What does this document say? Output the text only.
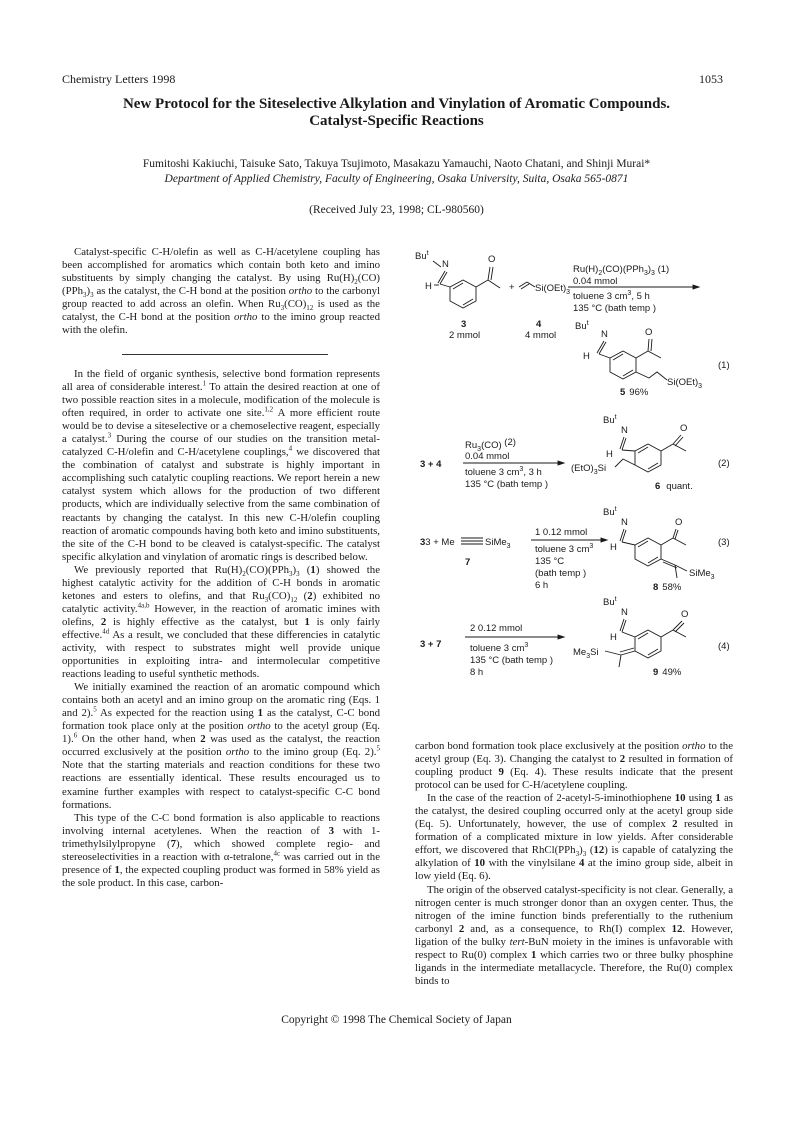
Chemistry Letters 1998	1053
New Protocol for the Siteselective Alkylation and Vinylation of Aromatic Compounds.
Catalyst-Specific Reactions
Fumitoshi Kakiuchi, Taisuke Sato, Takuya Tsujimoto, Masakazu Yamauchi, Naoto Chatani, and Shinji Murai*
Department of Applied Chemistry, Faculty of Engineering, Osaka University, Suita, Osaka 565-0871
(Received July 23, 1998; CL-980560)

Catalyst-specific C-H/olefin as well as C-H/acetylene coupling has been accomplished for aromatics which contain both keto and imino substituents by simply changing the catalyst. By using $Ru(H)_2(CO)(PPh_3)_3$ as the catalyst, the C-H bond at the position ortho to the carbonyl group reacted to add across an olefin. When $Ru_3(CO)_{12}$ is used as the catalyst, the C-H bond at the position ortho to the imino group reacted with the olefin.

In the field of organic synthesis, selective bond formation represents all area of considerable interest.$^1$ To attain the desired reaction at one of two possible reaction sites in a molecule, modification of the molecule is often required, in order to activate one site.$^{1,2}$ A more efficient route would be to devise a siteselective or a chemoselective reagent, especially a catalyst.$^3$ During the course of our studies on the transition metal-catalyzed C-H/olefin and C-H/acetylene couplings,$^4$ we discovered that the combination of catalyst and substrate is highly important in accomplishing such catalytic coupling reactions. We report herein a new catalyst system which allows for the production of two different products, which are individually selective from the same combination of reactants by changing the catalyst. In this new C-H/olefin coupling reaction of aromatic compounds having both keto and imino substituents, the site of the C-H bond to be cleaved is catalyst-specific. The catalyst specific alkylation and vinylation of aromatic rings is described below.

We previously reported that $Ru(H)_2(CO)(PPh_3)_3$ (1) showed the highest catalytic activity for the addition of C-H bonds in aromatic ketones and esters to olefins, and that $Ru_3(CO)_{12}$ (2) exhibited no catalytic activity.$^{4a,b}$ However, in the reaction of aromatic imines with olefins, 2 is highly effective as the catalyst, but 1 is only fairly effective.$^{4d}$ As a result, we concluded that these differencies in catalytic activity, with respect to substrates might well provide unique opportunities in exploiting intra- and intermolecular competitive reactions leading to useful synthetic methods.

We initially examined the reaction of an aromatic compound which contains both an acetyl and an imino group on the aromatic ring (Eqs. 1 and 2).$^5$ As expected for the reaction using 1 as the catalyst, C-C bond formation took place only at the position ortho to the acetyl group (Eq. 1).$^6$ On the other hand, when 2 was used as the catalyst, the reaction occurred exclusively at the position ortho to the imino group (Eq. 2).$^5$ Note that the starting materials and reaction conditions for these two reactions are essentially identical. These results encouraged us to examine further examples with respect to catalyst-specific C-C bond formations.

This type of the C-C bond formation is also applicable to reactions involving internal acetylenes. When the reaction of 3 with 1-trimethylsilylpropyne (7), which showed complete regio- and stereoselectivities in a reaction with α-tetralone,$^{4c}$ was carried out in the presence of 1, the expected coupling product was formed in 58% yield as the sole product. In this case, carbon-

Bu$^t$
N
H
O
+ $Si(OEt)_3$
3
2 mmol
4
4 mmol
$Ru(H)_2(CO)(PPh_3)_3$ (1)
0.04 mmol
toluene 3 $cm^3$, 5 h
135 °C (bath temp )
Bu$^t$
N	O
H
$Si(OEt)_3$
5 96%
(1)
3 + 4
$Ru_3(CO)$ (2)
0.04 mmol
toluene 3 $cm^3$, 3 h
135 °C (bath temp )
Bu$^t$
N	O
H
$(EtO)_3Si$
6 quant.
(2)
33 + Me	SiMe$_3$
7
1 0.12 mmol
toluene 3 $cm^3$
135 °C
(bath temp )
6 h
Bu$^t$
N	O
H
SiMe$_3$
8 58%
(3)
3 + 7
2 0.12 mmol
toluene 3 $cm^3$
135 °C (bath temp )
8 h
Bu$^t$
N	O
H
$Me_3Si$
9 49%
(4)

carbon bond formation took place exclusively at the position ortho to the acetyl group (Eq. 3). Changing the catalyst to 2 resulted in formation of coupling product 9 (Eq. 4). These results indicate that the present protocol can be used for C-H/acetylene coupling.

In the case of the reaction of 2-acetyl-5-iminothiophene 10 using 1 as the catalyst, the desired coupling occurred only at the acetyl group side (Eq. 5). Unfortunately, however, the use of complex 2 resulted in formation of a complicated mixture in low yields. After considerable effort, we discovered that $RhCl(PPh_3)_3$ (12) is capable of catalyzing the alkylation of 10 with the vinylsilane 4 at the imino group side, albeit in low yield (Eq. 6).

The origin of the observed catalyst-specificity is not clear. Generally, a nitrogen center is much stronger donor than an oxygen center. Thus, the nitrogen of the imine function binds preferentially to the ruthenium carbonyl 2 and, as a consequence, to Rh(I) complex 12. However, ligation of the bulky tert-BuN moiety in the imines is unfavorable with respect to Ru(0) complex 1 which carries two or three bulky phosphine ligands in the intermediate metallacycle. Therefore, the Ru(0) complex binds to

Copyright © 1998 The Chemical Society of Japan
